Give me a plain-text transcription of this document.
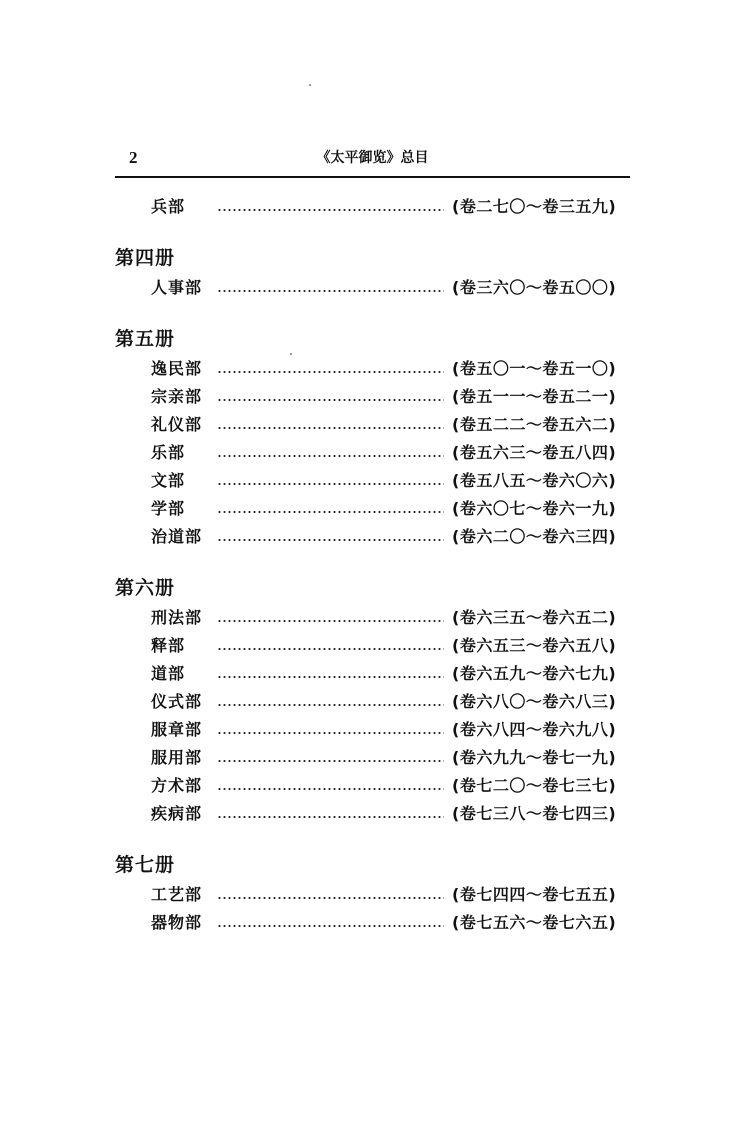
2	《太平御览》总目
兵部	(卷二七〇～卷三五九)
第四册
人事部	(卷三六〇～卷五〇〇)
第五册
逸民部	(卷五〇一～卷五一〇)
宗亲部	(卷五一一～卷五二一)
礼仪部	(卷五二二～卷五六二)
乐部	(卷五六三～卷五八四)
文部	(卷五八五～卷六〇六)
学部	(卷六〇七～卷六一九)
治道部	(卷六二〇～卷六三四)
第六册
刑法部	(卷六三五～卷六五二)
释部	(卷六五三～卷六五八)
道部	(卷六五九～卷六七九)
仪式部	(卷六八〇～卷六八三)
服章部	(卷六八四～卷六九八)
服用部	(卷六九九～卷七一九)
方术部	(卷七二〇～卷七三七)
疾病部	(卷七三八～卷七四三)
第七册
工艺部	(卷七四四～卷七五五)
器物部	(卷七五六～卷七六五)
